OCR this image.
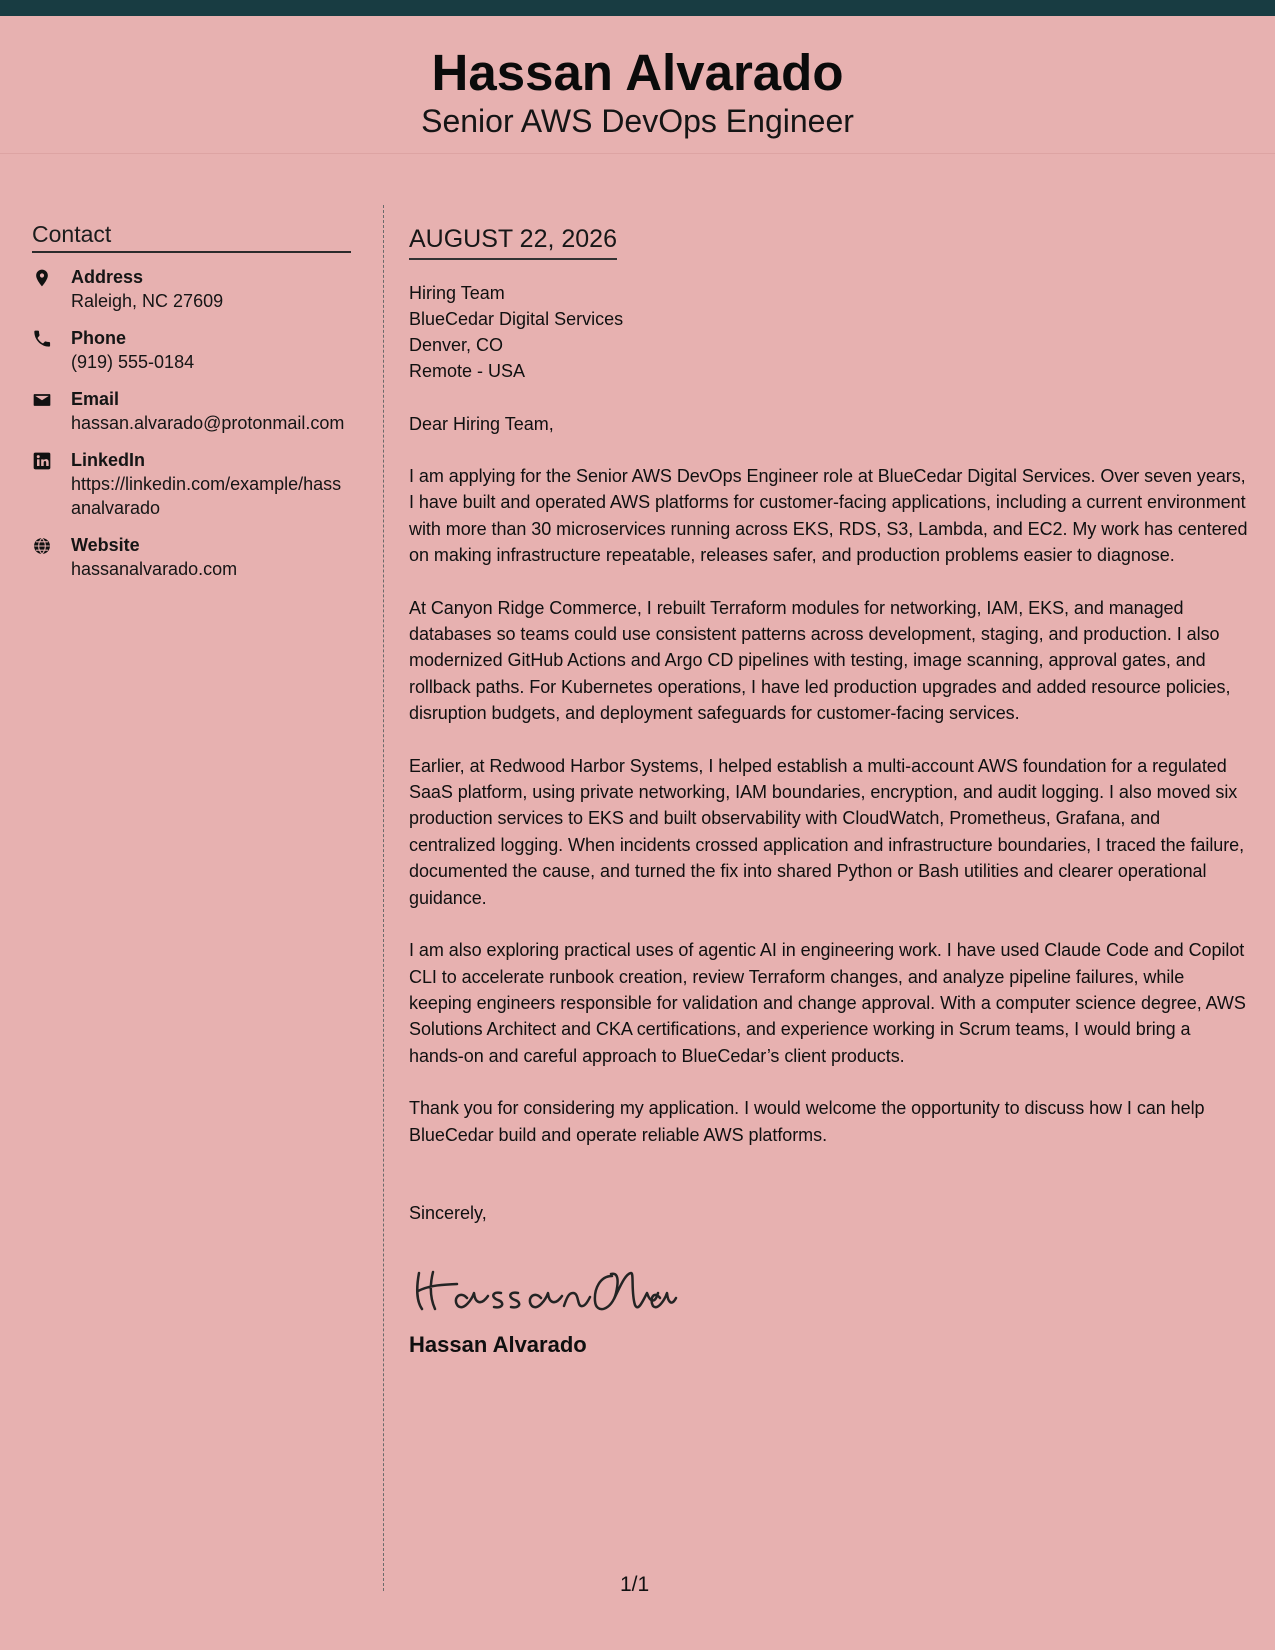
Hassan Alvarado
Senior AWS DevOps Engineer
Contact
Address
Raleigh, NC 27609
Phone
(919) 555-0184
Email
hassan.alvarado@protonmail.com
LinkedIn
https://linkedin.com/example/hassanalvarado
Website
hassanalvarado.com
AUGUST 22, 2026
Hiring Team
BlueCedar Digital Services
Denver, CO
Remote - USA
Dear Hiring Team,

I am applying for the Senior AWS DevOps Engineer role at BlueCedar Digital Services. Over seven years, I have built and operated AWS platforms for customer-facing applications, including a current environment with more than 30 microservices running across EKS, RDS, S3, Lambda, and EC2. My work has centered on making infrastructure repeatable, releases safer, and production problems easier to diagnose.

At Canyon Ridge Commerce, I rebuilt Terraform modules for networking, IAM, EKS, and managed databases so teams could use consistent patterns across development, staging, and production. I also modernized GitHub Actions and Argo CD pipelines with testing, image scanning, approval gates, and rollback paths. For Kubernetes operations, I have led production upgrades and added resource policies, disruption budgets, and deployment safeguards for customer-facing services.

Earlier, at Redwood Harbor Systems, I helped establish a multi-account AWS foundation for a regulated SaaS platform, using private networking, IAM boundaries, encryption, and audit logging. I also moved six production services to EKS and built observability with CloudWatch, Prometheus, Grafana, and centralized logging. When incidents crossed application and infrastructure boundaries, I traced the failure, documented the cause, and turned the fix into shared Python or Bash utilities and clearer operational guidance.

I am also exploring practical uses of agentic AI in engineering work. I have used Claude Code and Copilot CLI to accelerate runbook creation, review Terraform changes, and analyze pipeline failures, while keeping engineers responsible for validation and change approval. With a computer science degree, AWS Solutions Architect and CKA certifications, and experience working in Scrum teams, I would bring a hands-on and careful approach to BlueCedar’s client products.

Thank you for considering my application. I would welcome the opportunity to discuss how I can help BlueCedar build and operate reliable AWS platforms.

Sincerely,
Hassan Alvarado
1/1
